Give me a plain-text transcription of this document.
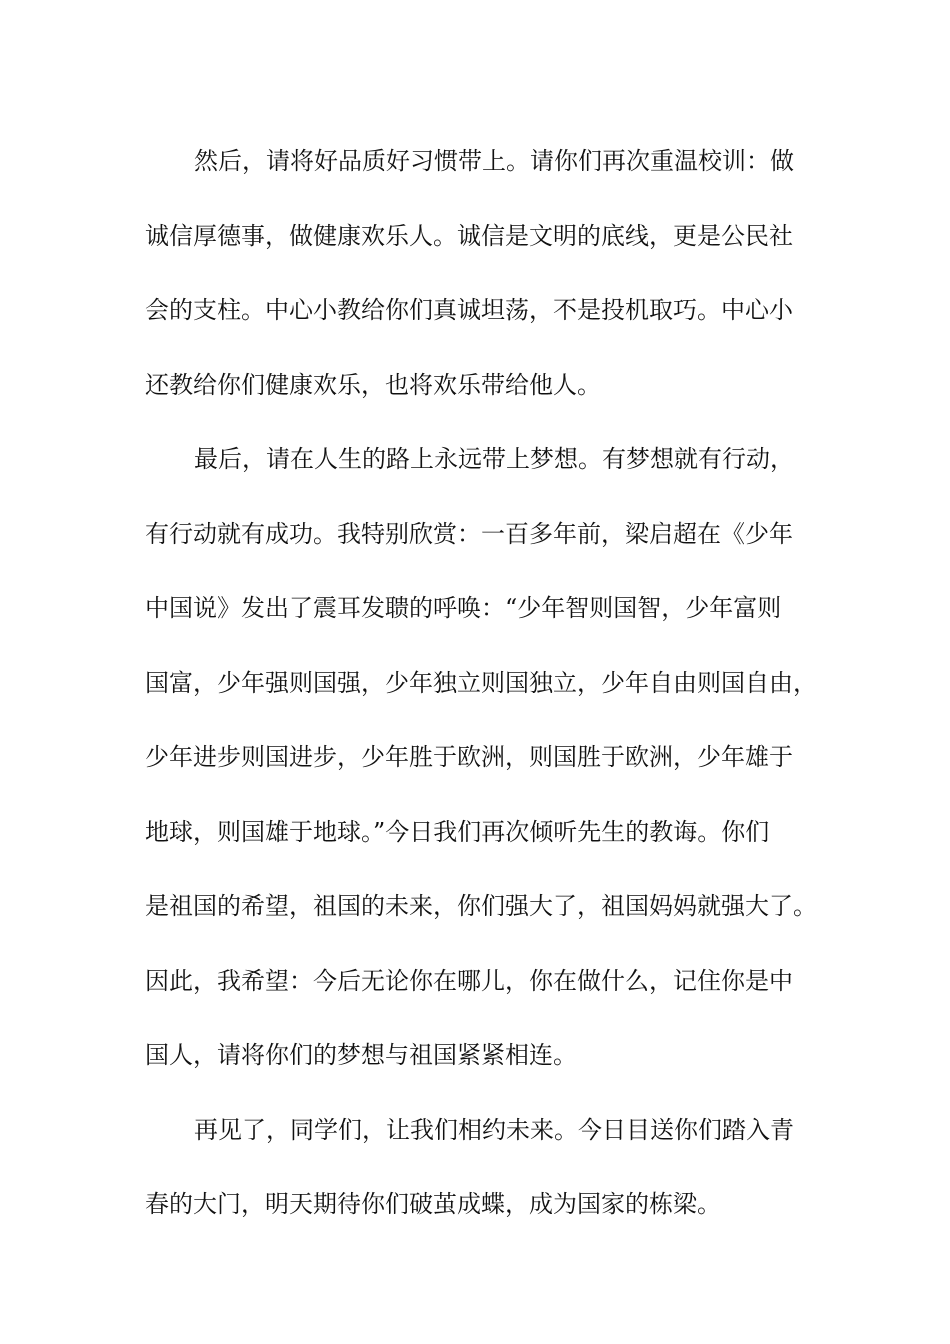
然后，请将好品质好习惯带上。请你们再次重温校训：做
诚信厚德事，做健康欢乐人。诚信是文明的底线，更是公民社
会的支柱。中心小教给你们真诚坦荡，不是投机取巧。中心小
还教给你们健康欢乐，也将欢乐带给他人。
最后，请在人生的路上永远带上梦想。有梦想就有行动，
有行动就有成功。我特别欣赏：一百多年前，梁启超在《少年
中国说》发出了震耳发聩的呼唤：“少年智则国智，少年富则
国富，少年强则国强，少年独立则国独立，少年自由则国自由，
少年进步则国进步，少年胜于欧洲，则国胜于欧洲，少年雄于
地球，则国雄于地球。”今日我们再次倾听先生的教诲。你们
是祖国的希望，祖国的未来，你们强大了，祖国妈妈就强大了。
因此，我希望：今后无论你在哪儿，你在做什么，记住你是中
国人，请将你们的梦想与祖国紧紧相连。
再见了，同学们，让我们相约未来。今日目送你们踏入青
春的大门，明天期待你们破茧成蝶，成为国家的栋梁。
